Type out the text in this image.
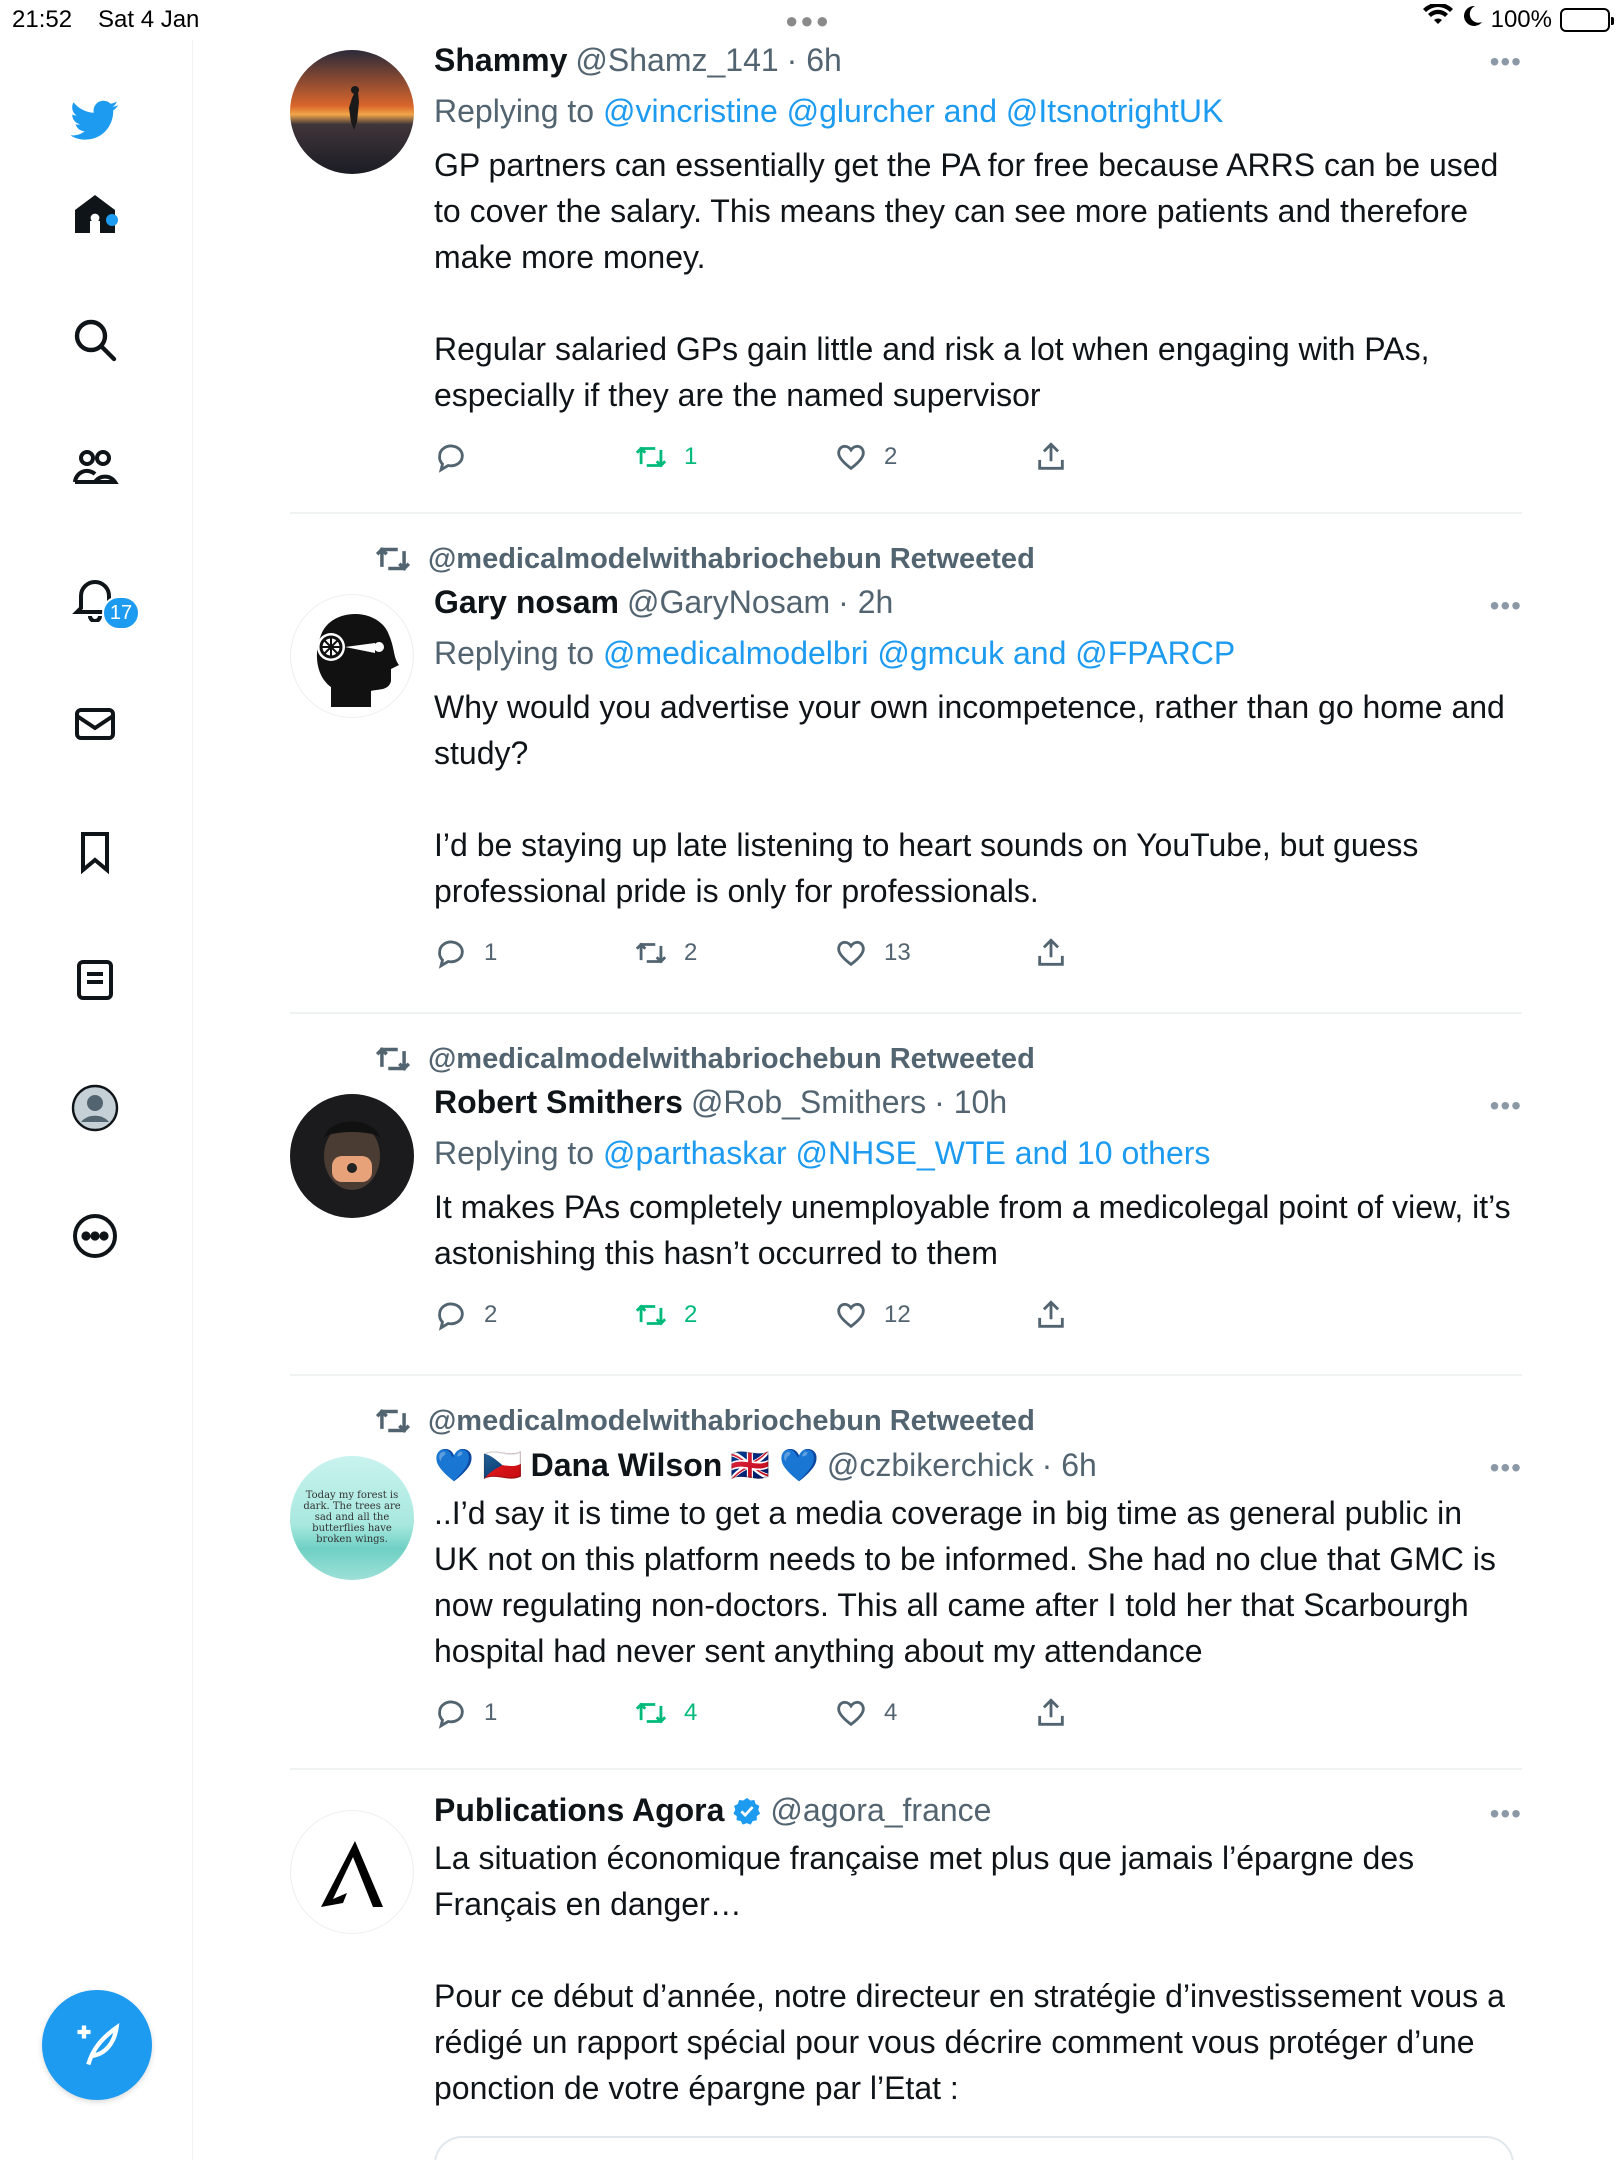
21:52 Sat 4 Jan	●●●	100%
17
Shammy @Shamz_141 · 6h
Replying to @vincristine @glurcher and @ItsnotrightUK
GP partners can essentially get the PA for free because ARRS can be used to cover the salary. This means they can see more patients and therefore make more money.

Regular salaried GPs gain little and risk a lot when engaging with PAs, especially if they are the named supervisor
1	2
•••
@medicalmodelwithabriochebun Retweeted
Gary nosam @GaryNosam · 2h
Replying to @medicalmodelbri @gmcuk and @FPARCP
Why would you advertise your own incompetence, rather than go home and study?

I’d be staying up late listening to heart sounds on YouTube, but guess professional pride is only for professionals.
1	2	13
•••
@medicalmodelwithabriochebun Retweeted
Robert Smithers @Rob_Smithers · 10h
Replying to @parthaskar @NHSE_WTE and 10 others
It makes PAs completely unemployable from a medicolegal point of view, it’s astonishing this hasn’t occurred to them
2	2	12
•••
@medicalmodelwithabriochebun Retweeted
Today my forest is dark. The trees are sad and all the butterflies have broken wings.
💙 🇨🇿 Dana Wilson 🇬🇧 💙 @czbikerchick · 6h
..I’d say it is time to get a media coverage in big time as general public in UK not on this platform needs to be informed. She had no clue that GMC is now regulating non-doctors. This all came after I told her that Scarbourgh hospital had never sent anything about my attendance
1	4	4
•••
Publications Agora @agora_france
La situation économique française met plus que jamais l’épargne des Français en danger…

Pour ce début d’année, notre directeur en stratégie d’investissement vous a rédigé un rapport spécial pour vous décrire comment vous protéger d’une ponction de votre épargne par l’Etat :
•••
